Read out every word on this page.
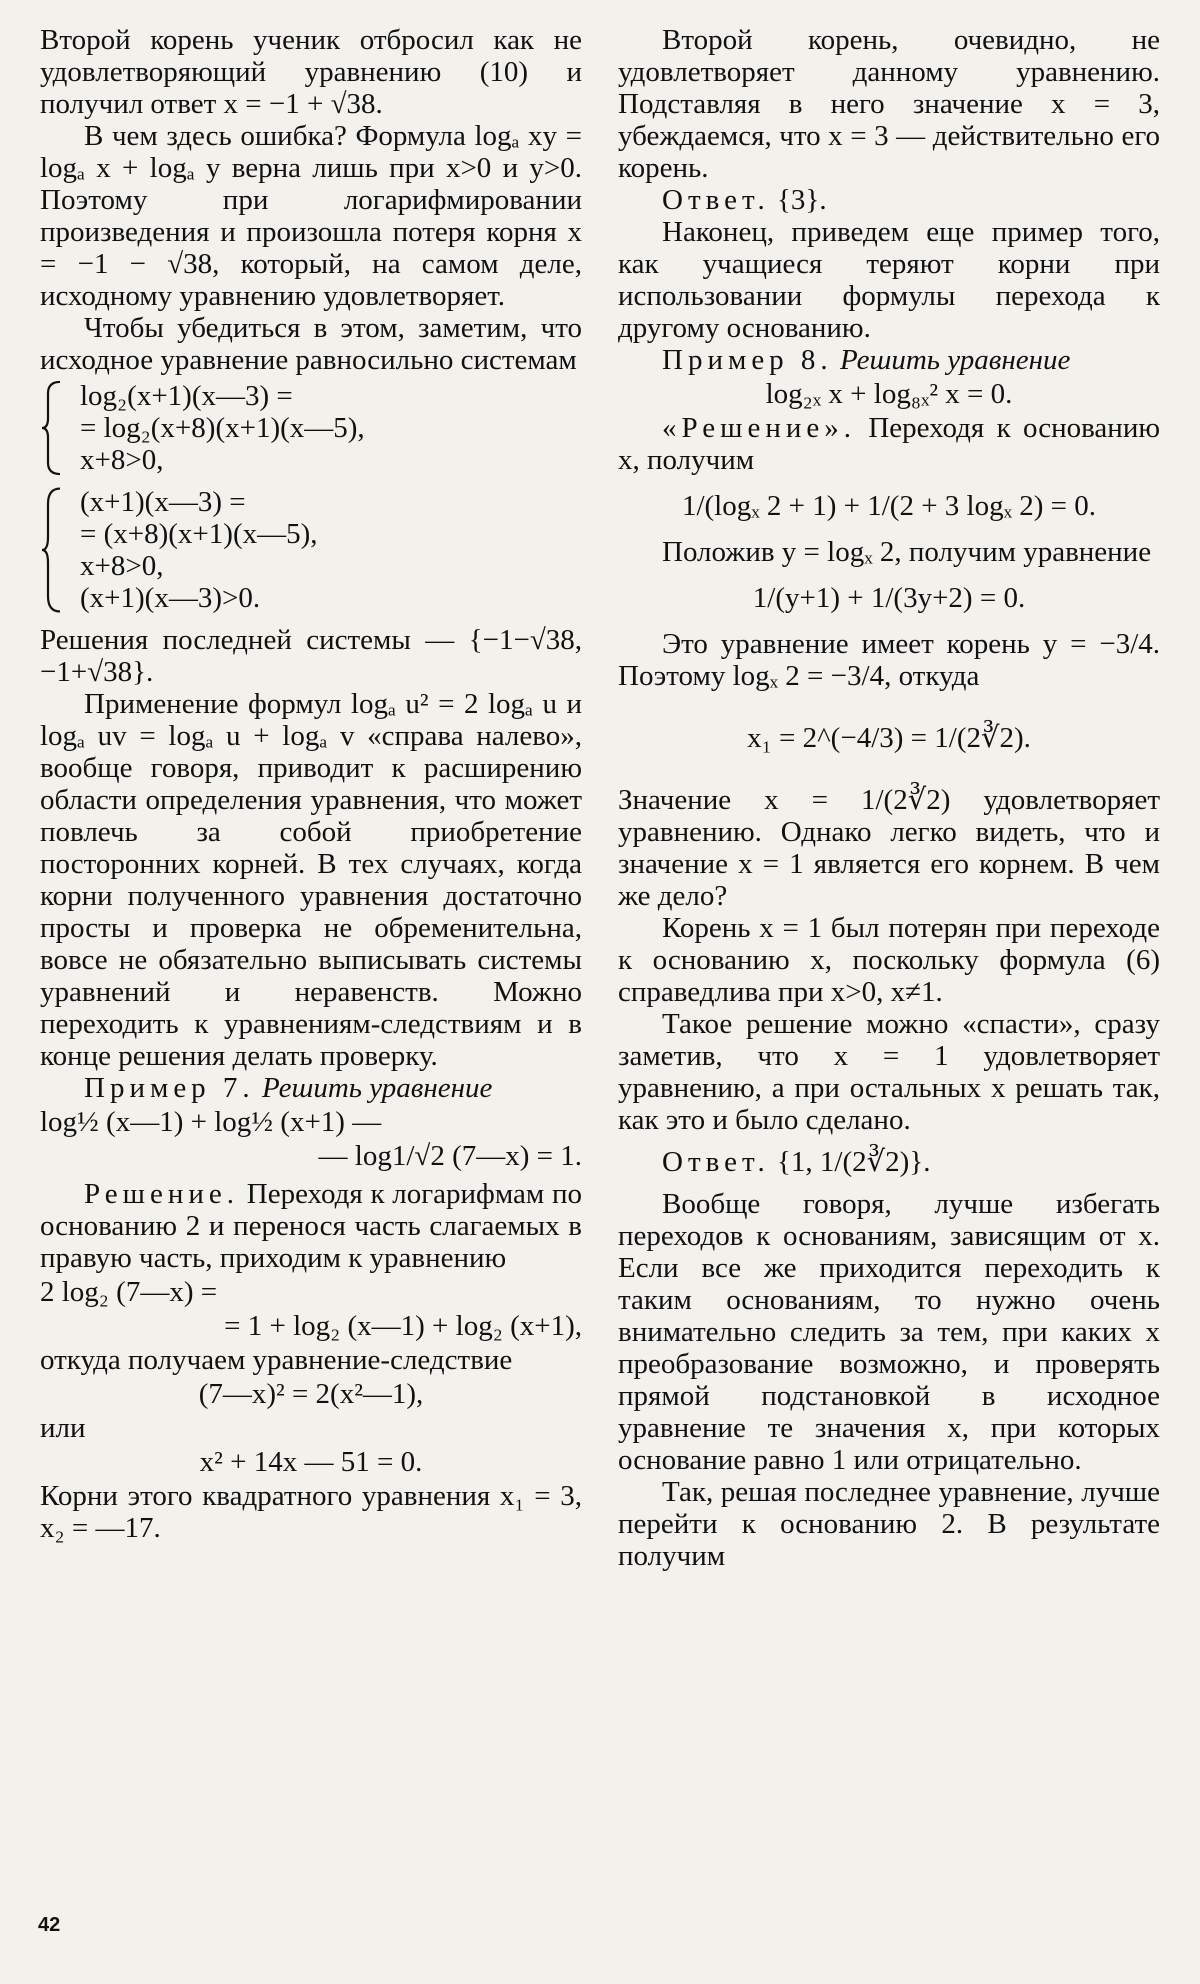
Второй корень ученик отбросил как не удовлетворяющий уравнению (10) и получил ответ x = −1 + √38.

В чем здесь ошибка? Формула logₐ xy = logₐ x + logₐ y верна лишь при x>0 и y>0. Поэтому при логарифмировании произведения и произошла потеря корня x = −1 − √38, который, на самом деле, исходному уравнению удовлетворяет.

Чтобы убедиться в этом, заметим, что исходное уравнение равносильно системам

log₂(x+1)(x—3) =
= log₂(x+8)(x+1)(x—5),
x+8>0,
(x+1)(x—3) =
= (x+8)(x+1)(x—5),
x+8>0,
(x+1)(x—3)>0.

Решения последней системы — {−1−√38, −1+√38}.

Применение формул logₐ u² = 2 logₐ u и logₐ uv = logₐ u + logₐ v «справа налево», вообще говоря, приводит к расширению области определения уравнения, что может повлечь за собой приобретение посторонних корней. В тех случаях, когда корни полученного уравнения достаточно просты и проверка не обременительна, вовсе не обязательно выписывать системы уравнений и неравенств. Можно переходить к уравнениям-следствиям и в конце решения делать проверку.

Пример 7. Решить уравнение

log½ (x—1) + log½ (x+1) —
— log1/√2 (7—x) = 1.

Решение. Переходя к логарифмам по основанию 2 и перенося часть слагаемых в правую часть, приходим к уравнению

2 log₂ (7—x) =
= 1 + log₂ (x—1) + log₂ (x+1),

откуда получаем уравнение-следствие

(7—x)² = 2(x²—1),

или

x² + 14x — 51 = 0.

Корни этого квадратного уравнения x₁ = 3, x₂ = —17.

Второй корень, очевидно, не удовлетворяет данному уравнению. Подставляя в него значение x = 3, убеждаемся, что x = 3 — действительно его корень.

Ответ. {3}.

Наконец, приведем еще пример того, как учащиеся теряют корни при использовании формулы перехода к другому основанию.

Пример 8. Решить уравнение

log₂ₓ x + log₈ₓ² x = 0.

«Решение». Переходя к основанию x, получим

1/(logₓ 2 + 1) + 1/(2 + 3 logₓ 2) = 0.

Положив y = logₓ 2, получим уравнение

1/(y+1) + 1/(3y+2) = 0.

Это уравнение имеет корень y = −3/4. Поэтому logₓ 2 = −3/4, откуда

x₁ = 2^(−4/3) = 1/(2∛2).

Значение x = 1/(2∛2) удовлетворяет уравнению. Однако легко видеть, что и значение x = 1 является его корнем. В чем же дело?

Корень x = 1 был потерян при переходе к основанию x, поскольку формула (6) справедлива при x>0, x≠1.

Такое решение можно «спасти», сразу заметив, что x = 1 удовлетворяет уравнению, а при остальных x решать так, как это и было сделано.

Ответ. {1, 1/(2∛2)}.

Вообще говоря, лучше избегать переходов к основаниям, зависящим от x. Если все же приходится переходить к таким основаниям, то нужно очень внимательно следить за тем, при каких x преобразование возможно, и проверять прямой подстановкой в исходное уравнение те значения x, при которых основание равно 1 или отрицательно.

Так, решая последнее уравнение, лучше перейти к основанию 2. В результате получим

42
